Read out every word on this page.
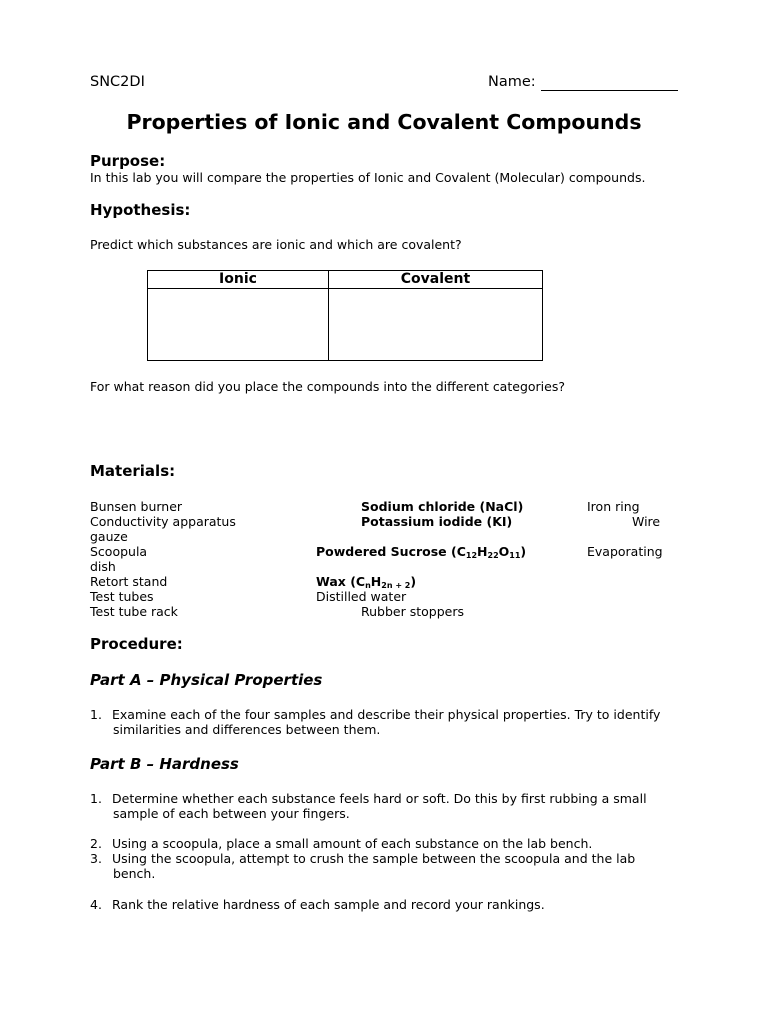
SNC2DI	Name:
Properties of Ionic and Covalent Compounds
Purpose:
In this lab you will compare the properties of Ionic and Covalent (Molecular) compounds.
Hypothesis:
Predict which substances are ionic and which are covalent?
Ionic	Covalent

For what reason did you place the compounds into the different categories?
Materials:
Bunsen burner
Conductivity apparatus
gauze
Scoopula
dish
Retort stand
Test tubes
Test tube rack
Sodium chloride (NaCl)
Potassium iodide (KI)
Powdered Sucrose $(C_{12}H_{22}O_{11})$
Wax $(C_nH_{2n + 2})$
Distilled water
Rubber stoppers
Iron ring
Wire
Evaporating
Procedure:
Part A – Physical Properties
1. Examine each of the four samples and describe their physical properties. Try to identify
similarities and differences between them.
Part B – Hardness
1. Determine whether each substance feels hard or soft. Do this by first rubbing a small
sample of each between your fingers.
2. Using a scoopula, place a small amount of each substance on the lab bench.
3. Using the scoopula, attempt to crush the sample between the scoopula and the lab
bench.
4. Rank the relative hardness of each sample and record your rankings.
